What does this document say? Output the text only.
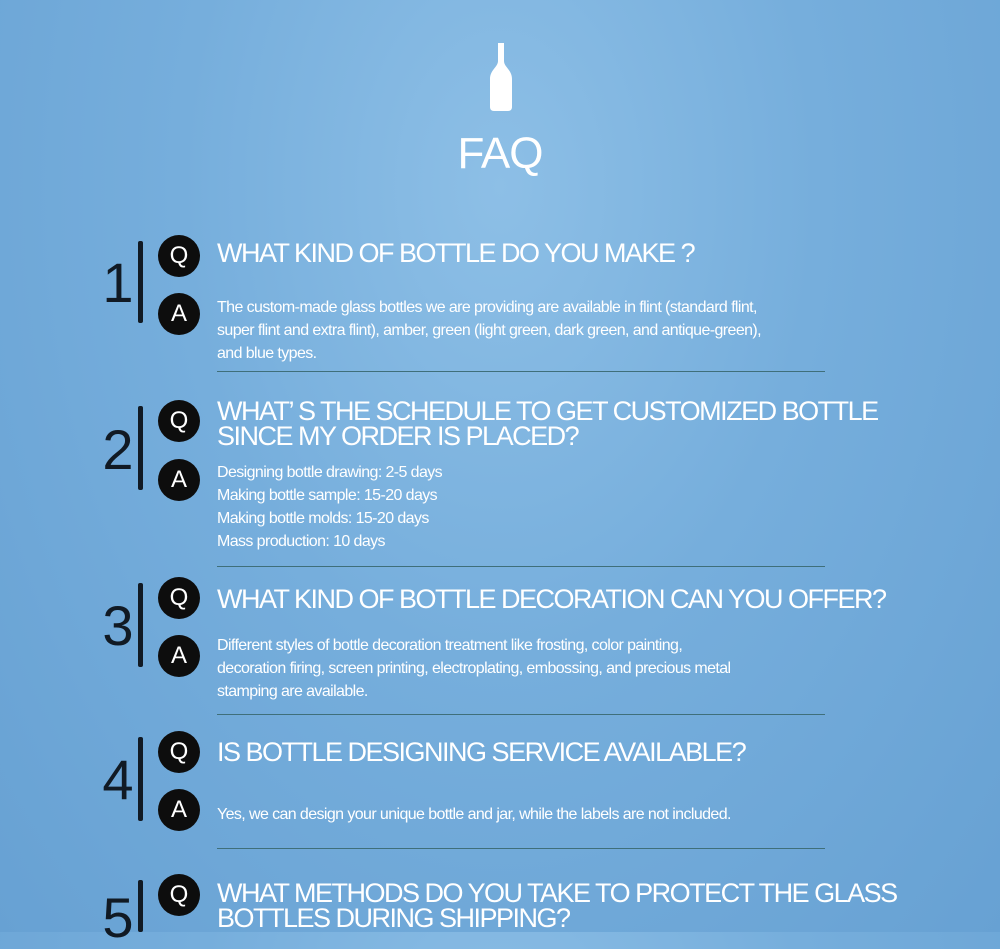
FAQ
1	Q	WHAT KIND OF BOTTLE DO YOU MAKE ?
A	The custom-made glass bottles we are providing are available in flint (standard flint,
super flint and extra flint), amber, green (light green, dark green, and antique-green),
and blue types.
2	Q	WHAT’ S THE SCHEDULE TO GET CUSTOMIZED BOTTLE
SINCE MY ORDER IS PLACED?
A	Designing bottle drawing: 2-5 days
Making bottle sample: 15-20 days
Making bottle molds: 15-20 days
Mass production: 10 days
3	Q	WHAT KIND OF BOTTLE DECORATION CAN YOU OFFER?
A	Different styles of bottle decoration treatment like frosting, color painting,
decoration firing, screen printing, electroplating, embossing, and precious metal
stamping are available.
4	Q	IS BOTTLE DESIGNING SERVICE AVAILABLE?
A	Yes, we can design your unique bottle and jar, while the labels are not included.
5	Q	WHAT METHODS DO YOU TAKE TO PROTECT THE GLASS
BOTTLES DURING SHIPPING?
